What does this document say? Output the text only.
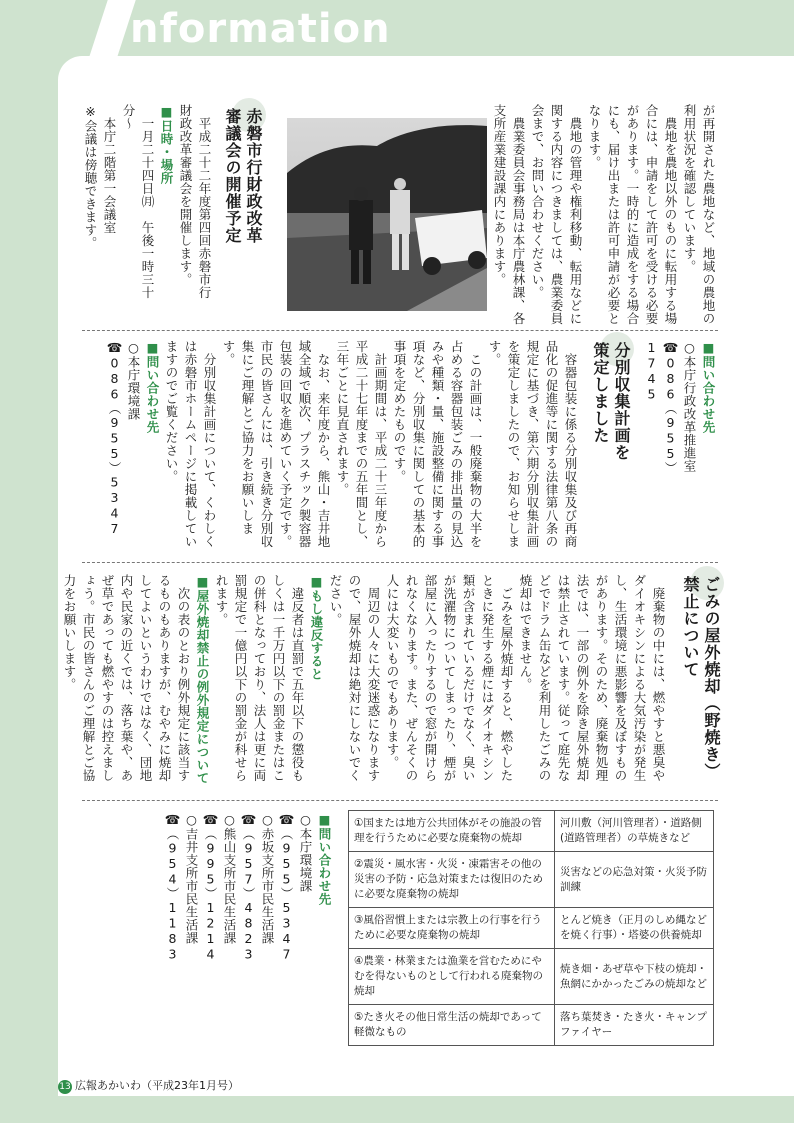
nformation

が再開された農地など、地域の農地の利用状況を確認しています。

農地を農地以外のものに転用する場合には、申請をして許可を受ける必要があります。一時的に造成をする場合にも、届け出または許可申請が必要となります。

農地の管理や権利移動、転用などに関する内容につきましては、農業委員会まで、お問い合わせください。

農業委員会事務局は本庁農林課、各支所産業建設課内にあります。

赤磐市行財政改革
審議会の開催予定

平成二十二年度第四回赤磐市行財政改革審議会を開催します。

■ 日時・場所

一月二十四日㈪　午後一時三十分～

本庁二階第一会議室

※会議は傍聴できます。

■ 問い合わせ先

○本庁行政改革推進室

☎086（955）1745

分別収集計画を
策定しました

容器包装に係る分別収集及び再商品化の促進等に関する法律第八条の規定に基づき、第六期分別収集計画を策定しましたので、お知らせします。

この計画は、一般廃棄物の大半を占める容器包装ごみの排出量の見込みや種類・量、施設整備に関する事項など、分別収集に関しての基本的事項を定めたものです。

計画期間は、平成二十三年度から平成二十七年度までの五年間とし、三年ごとに見直されます。

なお、来年度から、熊山・吉井地域全域で順次、プラスチック製容器包装の回収を進めていく予定です。市民の皆さんには、引き続き分別収集にご理解とご協力をお願いします。

分別収集計画について、くわしくは赤磐市ホームページに掲載していますのでご覧ください。

■ 問い合わせ先

○本庁環境課

☎086（955）5347

ごみの屋外焼却（野焼き）
禁止について

廃棄物の中には、燃やすと悪臭やダイオキシンによる大気汚染が発生し、生活環境に悪影響を及ぼすものがあります。そのため、廃棄物処理法では、一部の例外を除き屋外焼却は禁止されています。従って庭先などでドラム缶などを利用したごみの焼却はできません。

ごみを屋外焼却すると、燃やしたときに発生する煙にはダイオキシン類が含まれているだけでなく、臭いが洗濯物についてしまったり、煙が部屋に入ったりするので窓が開けられなくなります。また、ぜんそくの人には大変いものでもあります。

周辺の人々に大変迷惑になりますので、屋外焼却は絶対にしないでください。

■ もし違反すると

違反者は直罰で五年以下の懲役もしくは一千万円以下の罰金またはこの併科となっており、法人は更に両罰規定で一億円以下の罰金が科せられます。

■ 屋外焼却禁止の例外規定について

次の表のとおり例外規定に該当するものもありますが、むやみに焼却してよいというわけではなく、団地内や民家の近くでは、落ち葉や、あぜ草であっても燃やすのは控えましょう。市民の皆さんのご理解とご協力をお願いします。

■ 問い合わせ先

○本庁環境課

☎（955）5347

○赤坂支所市民生活課

☎（957）4823

○熊山支所市民生活課

☎（995）1214

○吉井支所市民生活課

☎（954）1183	①国または地方公共団体がその施設の管理を行うために必要な廃棄物の焼却	河川敷（河川管理者）・道路側(道路管理者）の草焼きなど
②震災・風水害・火災・凍霜害その他の災害の予防・応急対策または復旧のために必要な廃棄物の焼却	災害などの応急対策・火災予防訓練
③風俗習慣上または宗教上の行事を行うために必要な廃棄物の焼却	とんど焼き（正月のしめ縄などを焼く行事）・塔婆の供養焼却
④農業・林業または漁業を営むためにやむを得ないものとして行われる廃棄物の焼却	焼き畑・あぜ草や下枝の焼却・魚網にかかったごみの焼却など
⑤たき火その他日常生活の焼却であって軽微なもの	落ち葉焚き・たき火・キャンプファイヤー
13 広報あかいわ（平成23年1月号）
